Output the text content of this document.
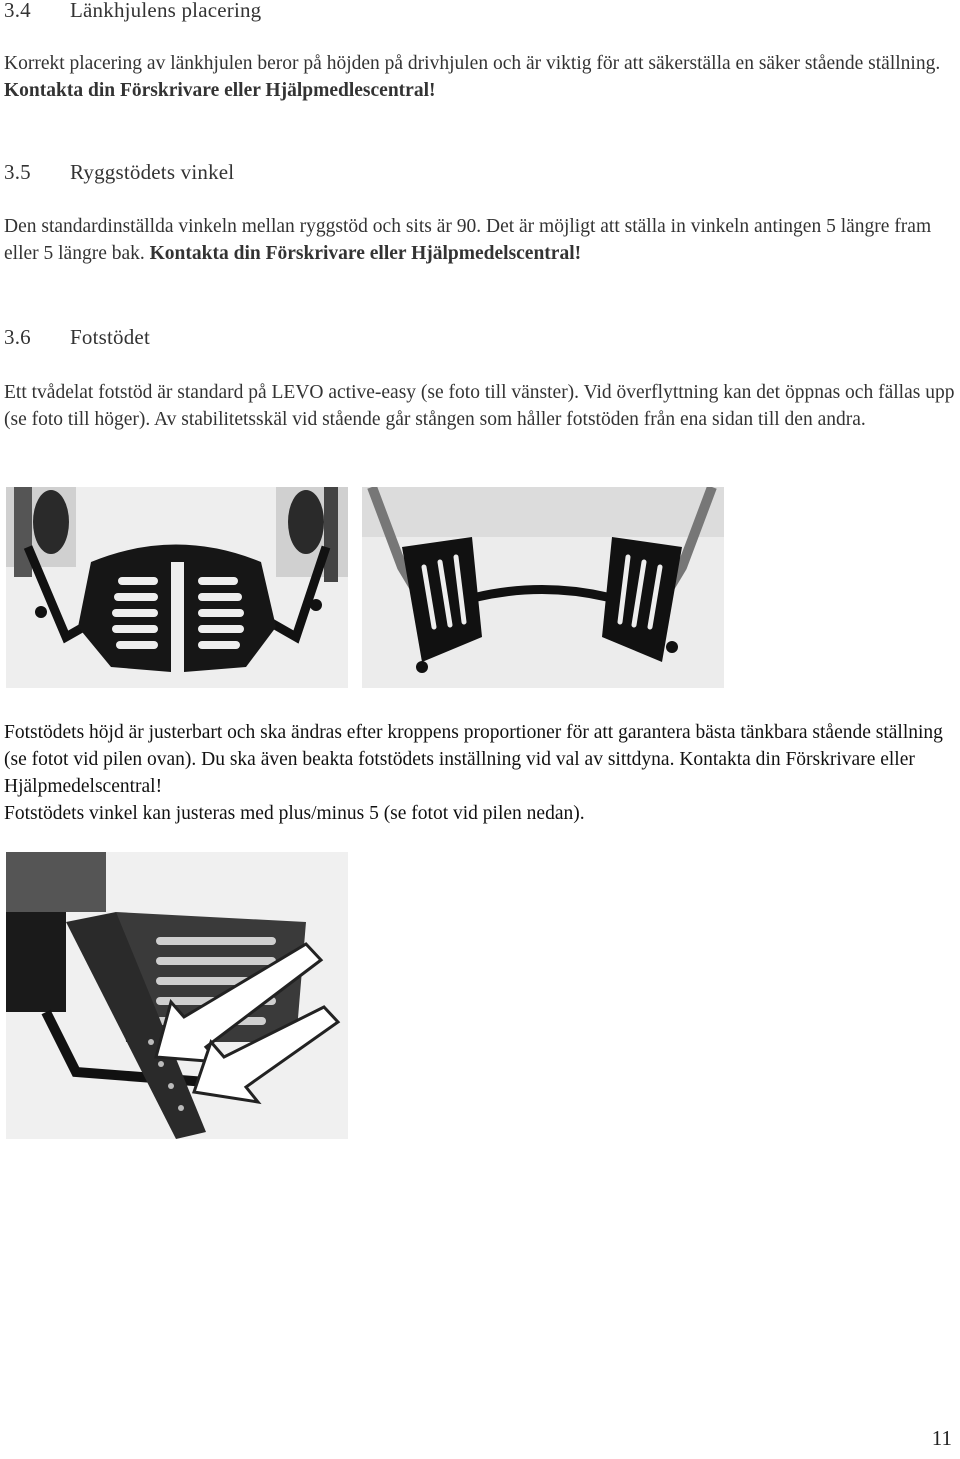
3.4 Länkhjulens placering
Korrekt placering av länkhjulen beror på höjden på drivhjulen och är viktig för att säkerställa en säker stående ställning. Kontakta din Förskrivare eller Hjälpmedlescentral!
3.5 Ryggstödets vinkel
Den standardinställda vinkeln mellan ryggstöd och sits är 90. Det är möjligt att ställa in vinkeln antingen 5 längre fram eller 5 längre bak. Kontakta din Förskrivare eller Hjälpmedelscentral!
3.6 Fotstödet
Ett tvådelat fotstöd är standard på LEVO active-easy (se foto till vänster). Vid överflyttning kan det öppnas och fällas upp (se foto till höger). Av stabilitetsskäl vid stående går stången som håller fotstöden från ena sidan till den andra.
Fotstödets höjd är justerbart och ska ändras efter kroppens proportioner för att garantera bästa tänkbara stående ställning (se fotot vid pilen ovan). Du ska även beakta fotstödets inställning vid val av sittdyna. Kontakta din Förskrivare eller Hjälpmedelscentral!
Fotstödets vinkel kan justeras med plus/minus 5 (se fotot vid pilen nedan).
11
